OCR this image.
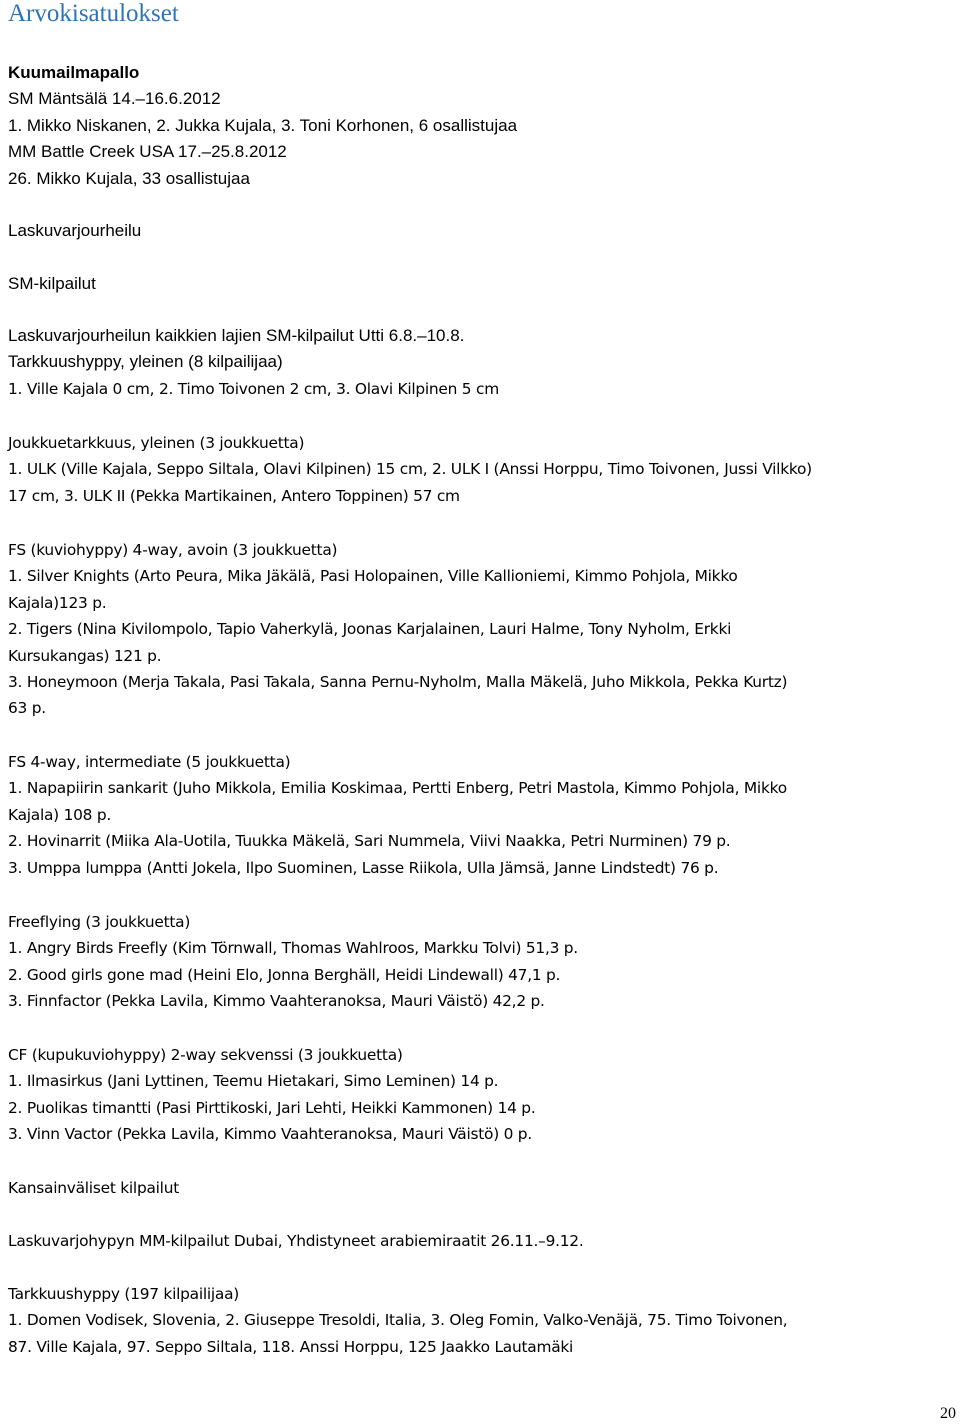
Arvokisatulokset
Kuumailmapallo
SM Mäntsälä 14.–16.6.2012
1. Mikko Niskanen, 2. Jukka Kujala, 3. Toni Korhonen, 6 osallistujaa
MM Battle Creek USA 17.–25.8.2012
26. Mikko Kujala, 33 osallistujaa
Laskuvarjourheilu
SM-kilpailut
Laskuvarjourheilun kaikkien lajien SM-kilpailut Utti 6.8.–10.8.
Tarkkuushyppy, yleinen (8 kilpailijaa)
1. Ville Kajala 0 cm, 2. Timo Toivonen 2 cm, 3. Olavi Kilpinen 5 cm
Joukkuetarkkuus, yleinen (3 joukkuetta)
1. ULK (Ville Kajala, Seppo Siltala, Olavi Kilpinen) 15 cm, 2. ULK I (Anssi Horppu, Timo Toivonen, Jussi Vilkko)
17 cm, 3. ULK II (Pekka Martikainen, Antero Toppinen) 57 cm
FS (kuviohyppy) 4-way, avoin (3 joukkuetta)
1. Silver Knights (Arto Peura, Mika Jäkälä, Pasi Holopainen, Ville Kallioniemi, Kimmo Pohjola, Mikko
Kajala)123 p.
2. Tigers (Nina Kivilompolo, Tapio Vaherkylä, Joonas Karjalainen, Lauri Halme, Tony Nyholm, Erkki
Kursukangas) 121 p.
3. Honeymoon (Merja Takala, Pasi Takala, Sanna Pernu-Nyholm, Malla Mäkelä, Juho Mikkola, Pekka Kurtz)
63 p.
FS 4-way, intermediate (5 joukkuetta)
1. Napapiirin sankarit (Juho Mikkola, Emilia Koskimaa, Pertti Enberg, Petri Mastola, Kimmo Pohjola, Mikko
Kajala) 108 p.
2. Hovinarrit (Miika Ala-Uotila, Tuukka Mäkelä, Sari Nummela, Viivi Naakka, Petri Nurminen) 79 p.
3. Umppa lumppa (Antti Jokela, Ilpo Suominen, Lasse Riikola, Ulla Jämsä, Janne Lindstedt) 76 p.
Freeflying (3 joukkuetta)
1. Angry Birds Freefly (Kim Törnwall, Thomas Wahlroos, Markku Tolvi) 51,3 p.
2. Good girls gone mad (Heini Elo, Jonna Berghäll, Heidi Lindewall) 47,1 p.
3. Finnfactor (Pekka Lavila, Kimmo Vaahteranoksa, Mauri Väistö) 42,2 p.
CF (kupukuviohyppy) 2-way sekvenssi (3 joukkuetta)
1. Ilmasirkus (Jani Lyttinen, Teemu Hietakari, Simo Leminen) 14 p.
2. Puolikas timantti (Pasi Pirttikoski, Jari Lehti, Heikki Kammonen) 14 p.
3. Vinn Vactor (Pekka Lavila, Kimmo Vaahteranoksa, Mauri Väistö) 0 p.
Kansainväliset kilpailut
Laskuvarjohypyn MM-kilpailut Dubai, Yhdistyneet arabiemiraatit 26.11.–9.12.
Tarkkuushyppy (197 kilpailijaa)
1. Domen Vodisek, Slovenia, 2. Giuseppe Tresoldi, Italia, 3. Oleg Fomin, Valko-Venäjä, 75. Timo Toivonen,
87. Ville Kajala, 97. Seppo Siltala, 118. Anssi Horppu, 125 Jaakko Lautamäki
20
